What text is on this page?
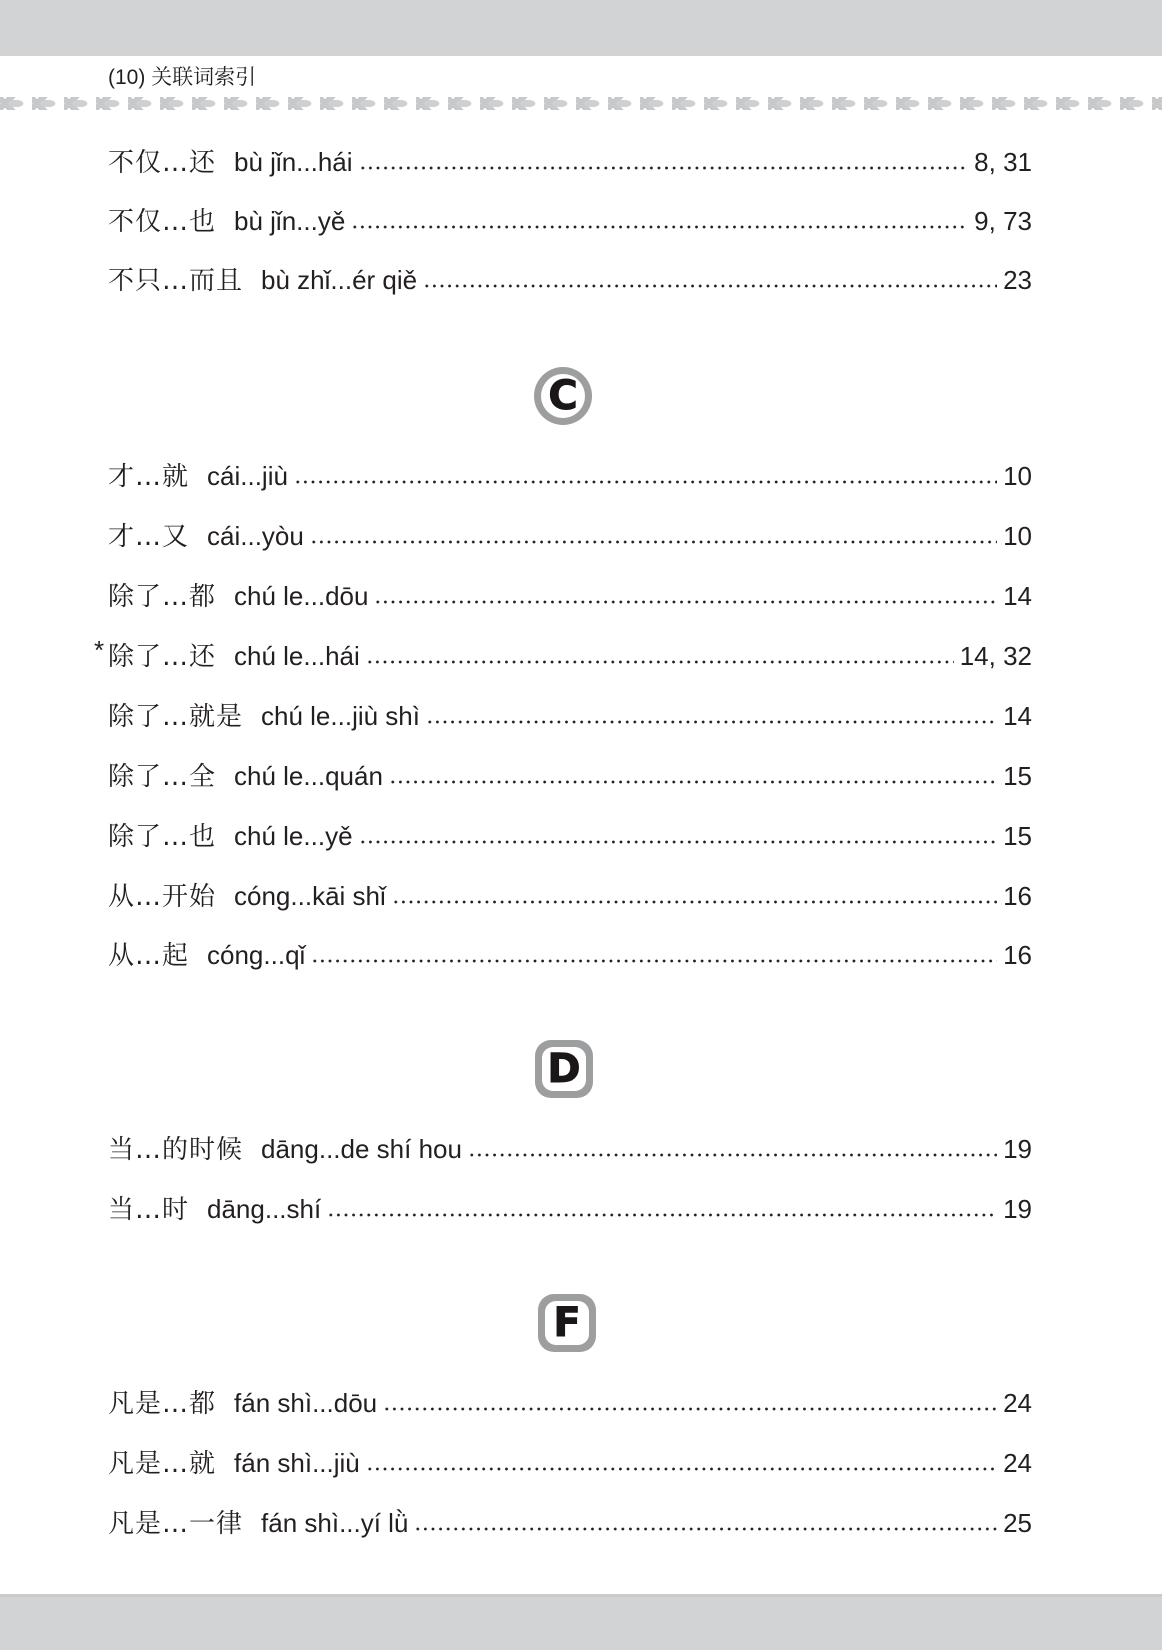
(10) 关联词索引
不仅…还 bù jǐn...hái	8, 31
不仅…也 bù jǐn...yě	9, 73
不只…而且 bù zhǐ...ér qiě	23
C
才…就 cái...jiù	10
才…又 cái...yòu	10
除了…都 chú le...dōu	14
* 除了…还 chú le...hái	14, 32
除了…就是 chú le...jiù shì	14
除了…全 chú le...quán	15
除了…也 chú le...yě	15
从…开始 cóng...kāi shǐ	16
从…起 cóng...qǐ	16
D
当…的时候 dāng...de shí hou	19
当…时 dāng...shí	19
F
凡是…都 fán shì...dōu	24
凡是…就 fán shì...jiù	24
凡是…一律 fán shì...yí lǜ	25
